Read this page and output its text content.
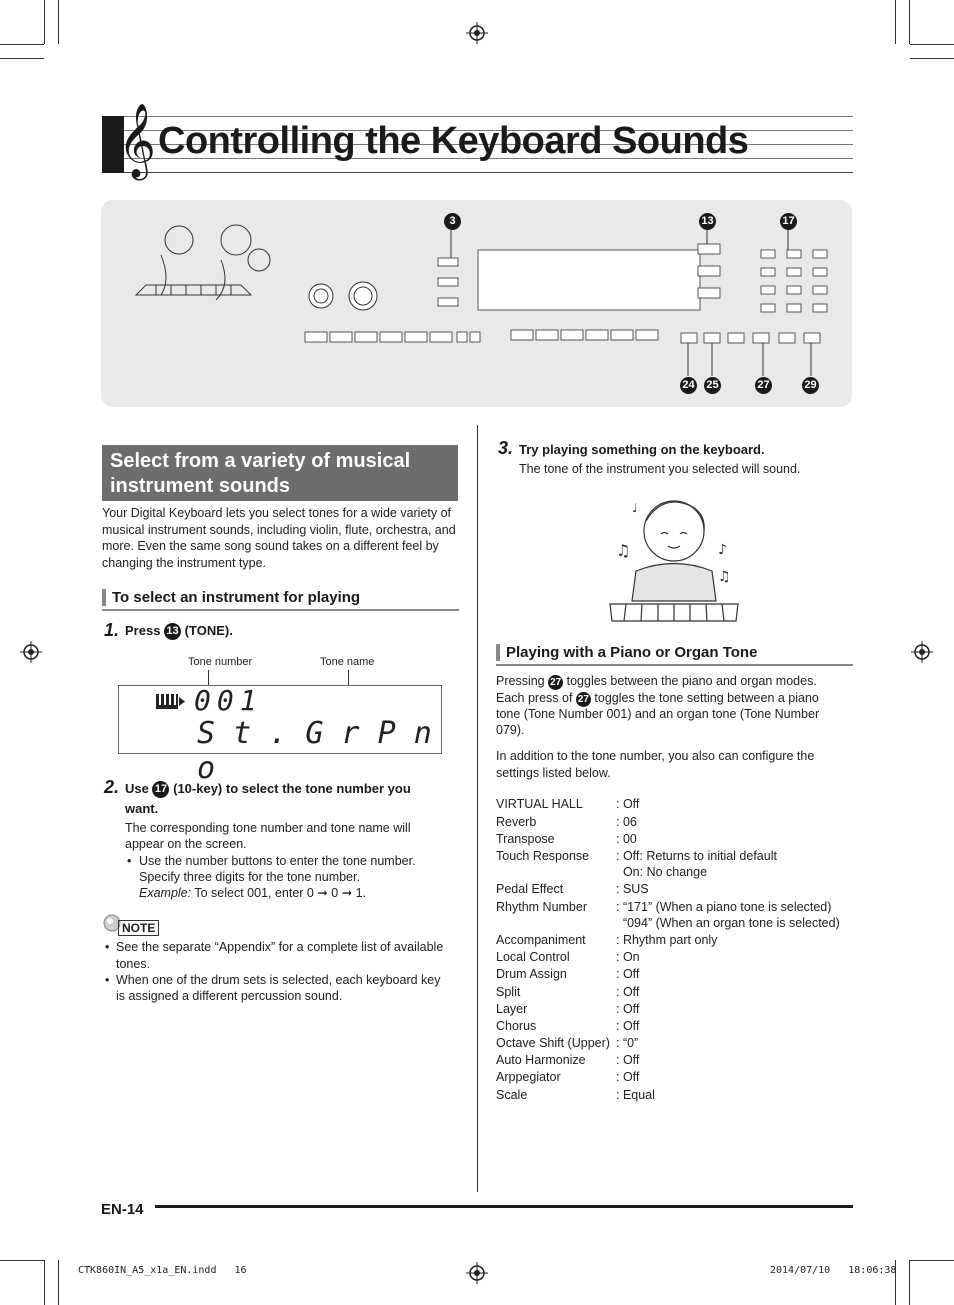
𝄞 Controlling the Keyboard Sounds
3	13	17
24 25	27	29
Select from a variety of musical
instrument sounds
Your Digital Keyboard lets you select tones for a wide variety of musical instrument sounds, including violin, flute, orchestra, and more. Even the same song sound takes on a different feel by changing the instrument type.
To select an instrument for playing
1. Press 13 (TONE).
Tone number	Tone name
001
S t . G r P n o
2. Use 17 (10-key) to select the tone number you
want.
The corresponding tone number and tone name will
appear on the screen.
• Use the number buttons to enter the tone number.
Specify three digits for the tone number.
Example: To select 001, enter 0 ➞ 0 ➞ 1.
NOTE
• See the separate “Appendix” for a complete list of available
tones.
• When one of the drum sets is selected, each keyboard key
is assigned a different percussion sound.
3. Try playing something on the keyboard.
The tone of the instrument you selected will sound.
♫	♪
♫
♩
Playing with a Piano or Organ Tone
Pressing 27 toggles between the piano and organ modes.
Each press of 27 toggles the tone setting between a piano
tone (Tone Number 001) and an organ tone (Tone Number
079).
In addition to the tone number, you also can configure the
settings listed below.
VIRTUAL HALL	: Off
Reverb	: 06
Transpose	: 00
Touch Response : Off: Returns to initial default
On: No change
Pedal Effect	: SUS
Rhythm Number : “171” (When a piano tone is selected)
“094” (When an organ tone is selected)
Accompaniment : Rhythm part only
Local Control	: On
Drum Assign	: Off
Split	: Off
Layer	: Off
Chorus	: Off
Octave Shift (Upper) : “0”
Auto Harmonize : Off
Arppegiator	: Off
Scale	: Equal
EN-14
CTK860IN_A5_x1a_EN.indd   16	2014/07/10   18:06:38
